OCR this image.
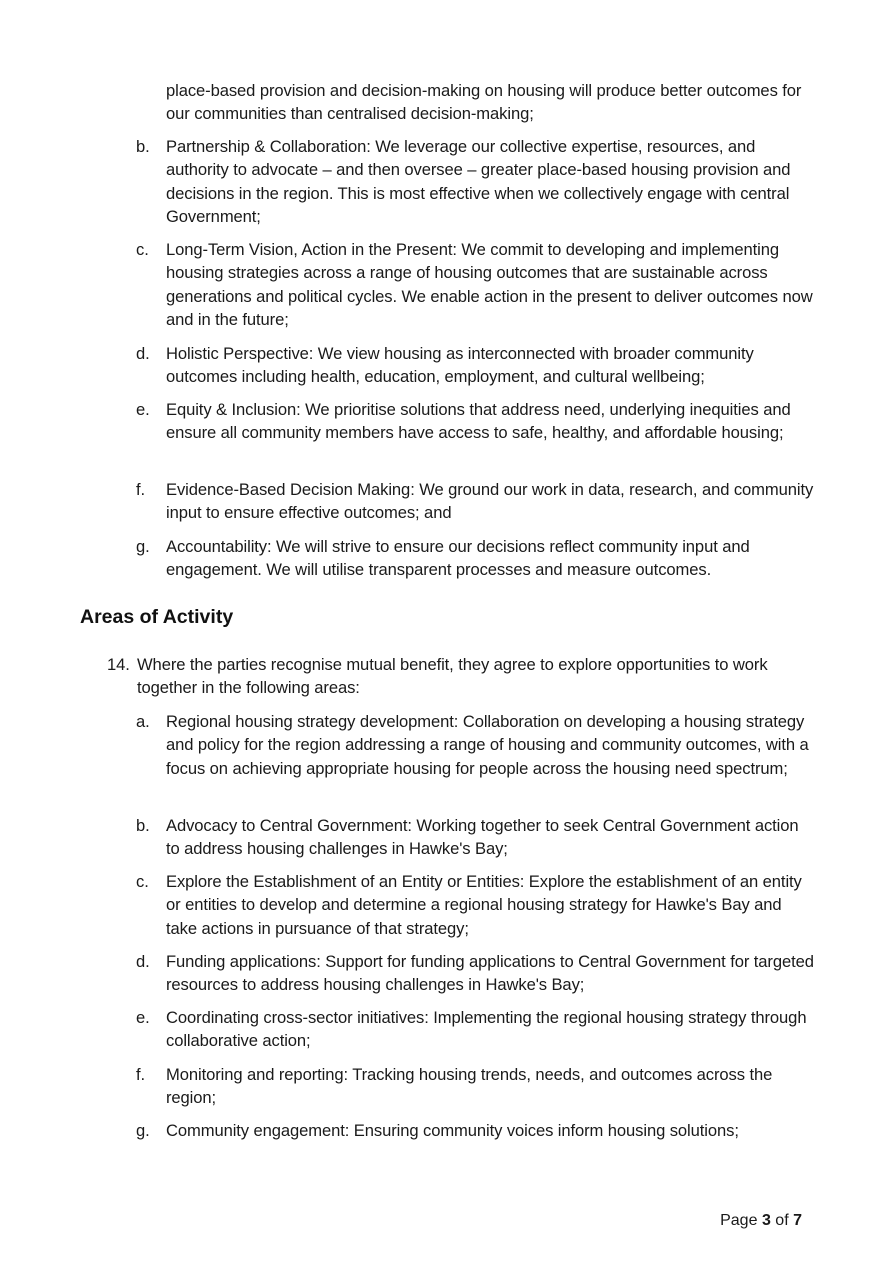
place-based provision and decision-making on housing will produce better outcomes for our communities than centralised decision-making;

b. Partnership & Collaboration: We leverage our collective expertise, resources, and authority to advocate – and then oversee – greater place-based housing provision and decisions in the region. This is most effective when we collectively engage with central Government;
c.	Long-Term Vision, Action in the Present: We commit to developing and implementing housing strategies across a range of housing outcomes that are sustainable across generations and political cycles. We enable action in the present to deliver outcomes now and in the future;
d. Holistic Perspective: We view housing as interconnected with broader community outcomes including health, education, employment, and cultural wellbeing;
e. Equity & Inclusion: We prioritise solutions that address need, underlying inequities and ensure all community members have access to safe, healthy, and affordable housing;
f.	Evidence-Based Decision Making: We ground our work in data, research, and community input to ensure effective outcomes; and
g. Accountability: We will strive to ensure our decisions reflect community input and engagement. We will utilise transparent processes and measure outcomes.
Areas of Activity
14. Where the parties recognise mutual benefit, they agree to explore opportunities to work together in the following areas:
a. Regional housing strategy development: Collaboration on developing a housing strategy and policy for the region addressing a range of housing and community outcomes, with a focus on achieving appropriate housing for people across the housing need spectrum;
b. Advocacy to Central Government: Working together to seek Central Government action to address housing challenges in Hawke's Bay;
c.	Explore the Establishment of an Entity or Entities: Explore the establishment of an entity or entities to develop and determine a regional housing strategy for Hawke's Bay and take actions in pursuance of that strategy;
d. Funding applications: Support for funding applications to Central Government for targeted resources to address housing challenges in Hawke's Bay;
e. Coordinating cross-sector initiatives: Implementing the regional housing strategy through collaborative action;
f.	Monitoring and reporting: Tracking housing trends, needs, and outcomes across the region;
g. Community engagement: Ensuring community voices inform housing solutions;
Page 3 of 7
